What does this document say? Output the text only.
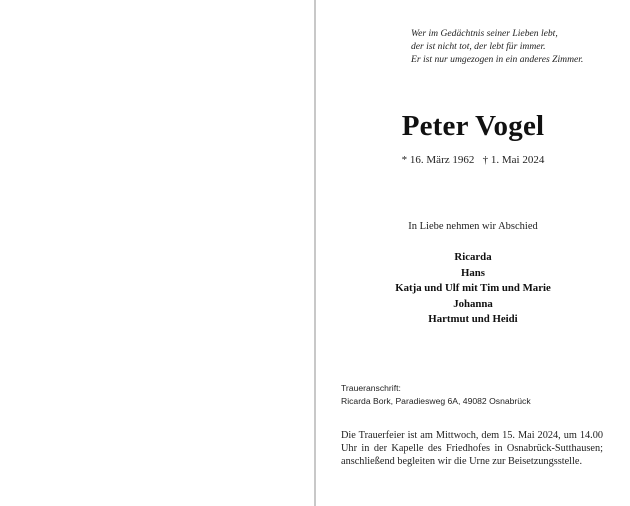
Wer im Gedächtnis seiner Lieben lebt,
der ist nicht tot, der lebt für immer.
Er ist nur umgezogen in ein anderes Zimmer.
Peter Vogel
* 16. März 1962   † 1. Mai 2024
In Liebe nehmen wir Abschied
Ricarda
Hans
Katja und Ulf mit Tim und Marie
Johanna
Hartmut und Heidi
Traueranschrift:
Ricarda Bork, Paradiesweg 6A, 49082 Osnabrück
Die Trauerfeier ist am Mittwoch, dem 15. Mai 2024, um 14.00 Uhr in der Kapelle des Friedhofes in Osnabrück-Sutthausen; anschließend begleiten wir die Urne zur Beisetzungsstelle.
